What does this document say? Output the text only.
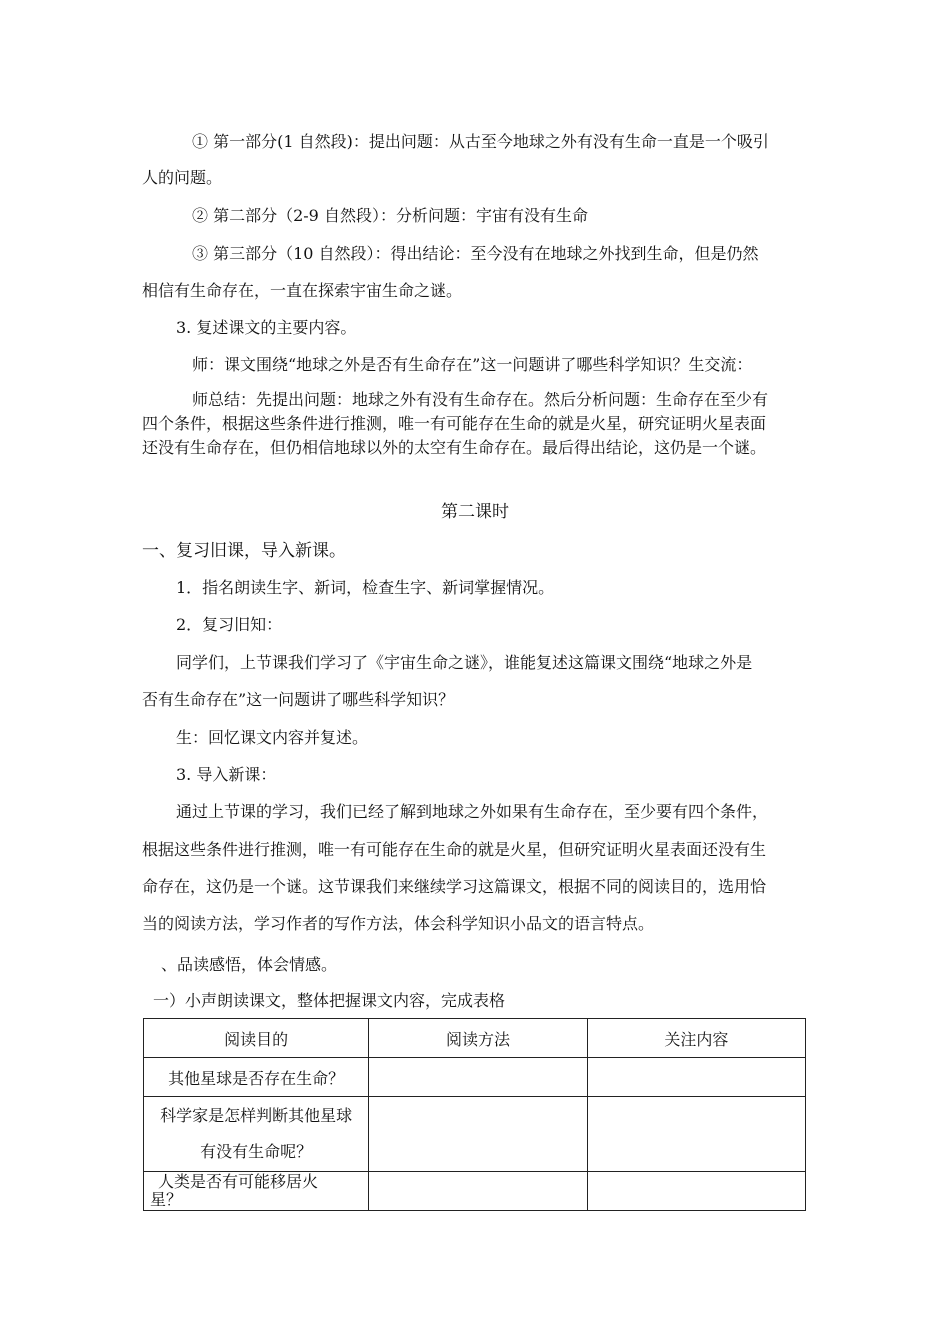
① 第一部分(1 自然段)：提出问题：从古至今地球之外有没有生命一直是一个吸引
人的问题。
② 第二部分（2-9 自然段）：分析问题：宇宙有没有生命
③ 第三部分（10 自然段）：得出结论：至今没有在地球之外找到生命，但是仍然
相信有生命存在，一直在探索宇宙生命之谜。
3. 复述课文的主要内容。
师：课文围绕“地球之外是否有生命存在”这一问题讲了哪些科学知识？生交流：
师总结：先提出问题：地球之外有没有生命存在。然后分析问题：生命存在至少有
四个条件，根据这些条件进行推测，唯一有可能存在生命的就是火星，研究证明火星表面
还没有生命存在，但仍相信地球以外的太空有生命存在。最后得出结论，这仍是一个谜。
第二课时
一、复习旧课，导入新课。
1．指名朗读生字、新词，检查生字、新词掌握情况。
2．复习旧知：
同学们，上节课我们学习了《宇宙生命之谜》，谁能复述这篇课文围绕“地球之外是
否有生命存在”这一问题讲了哪些科学知识？
生：回忆课文内容并复述。
3. 导入新课：
通过上节课的学习，我们已经了解到地球之外如果有生命存在，至少要有四个条件，
根据这些条件进行推测，唯一有可能存在生命的就是火星，但研究证明火星表面还没有生
命存在，这仍是一个谜。这节课我们来继续学习这篇课文，根据不同的阅读目的，选用恰
当的阅读方法，学习作者的写作方法，体会科学知识小品文的语言特点。
、品读感悟，体会情感。
一）小声朗读课文，整体把握课文内容，完成表格
阅读目的	阅读方法	关注内容
其他星球是否存在生命？		

科学家是怎样判断其他星球
有没有生命呢？		

人类是否有可能移居火
星？		
